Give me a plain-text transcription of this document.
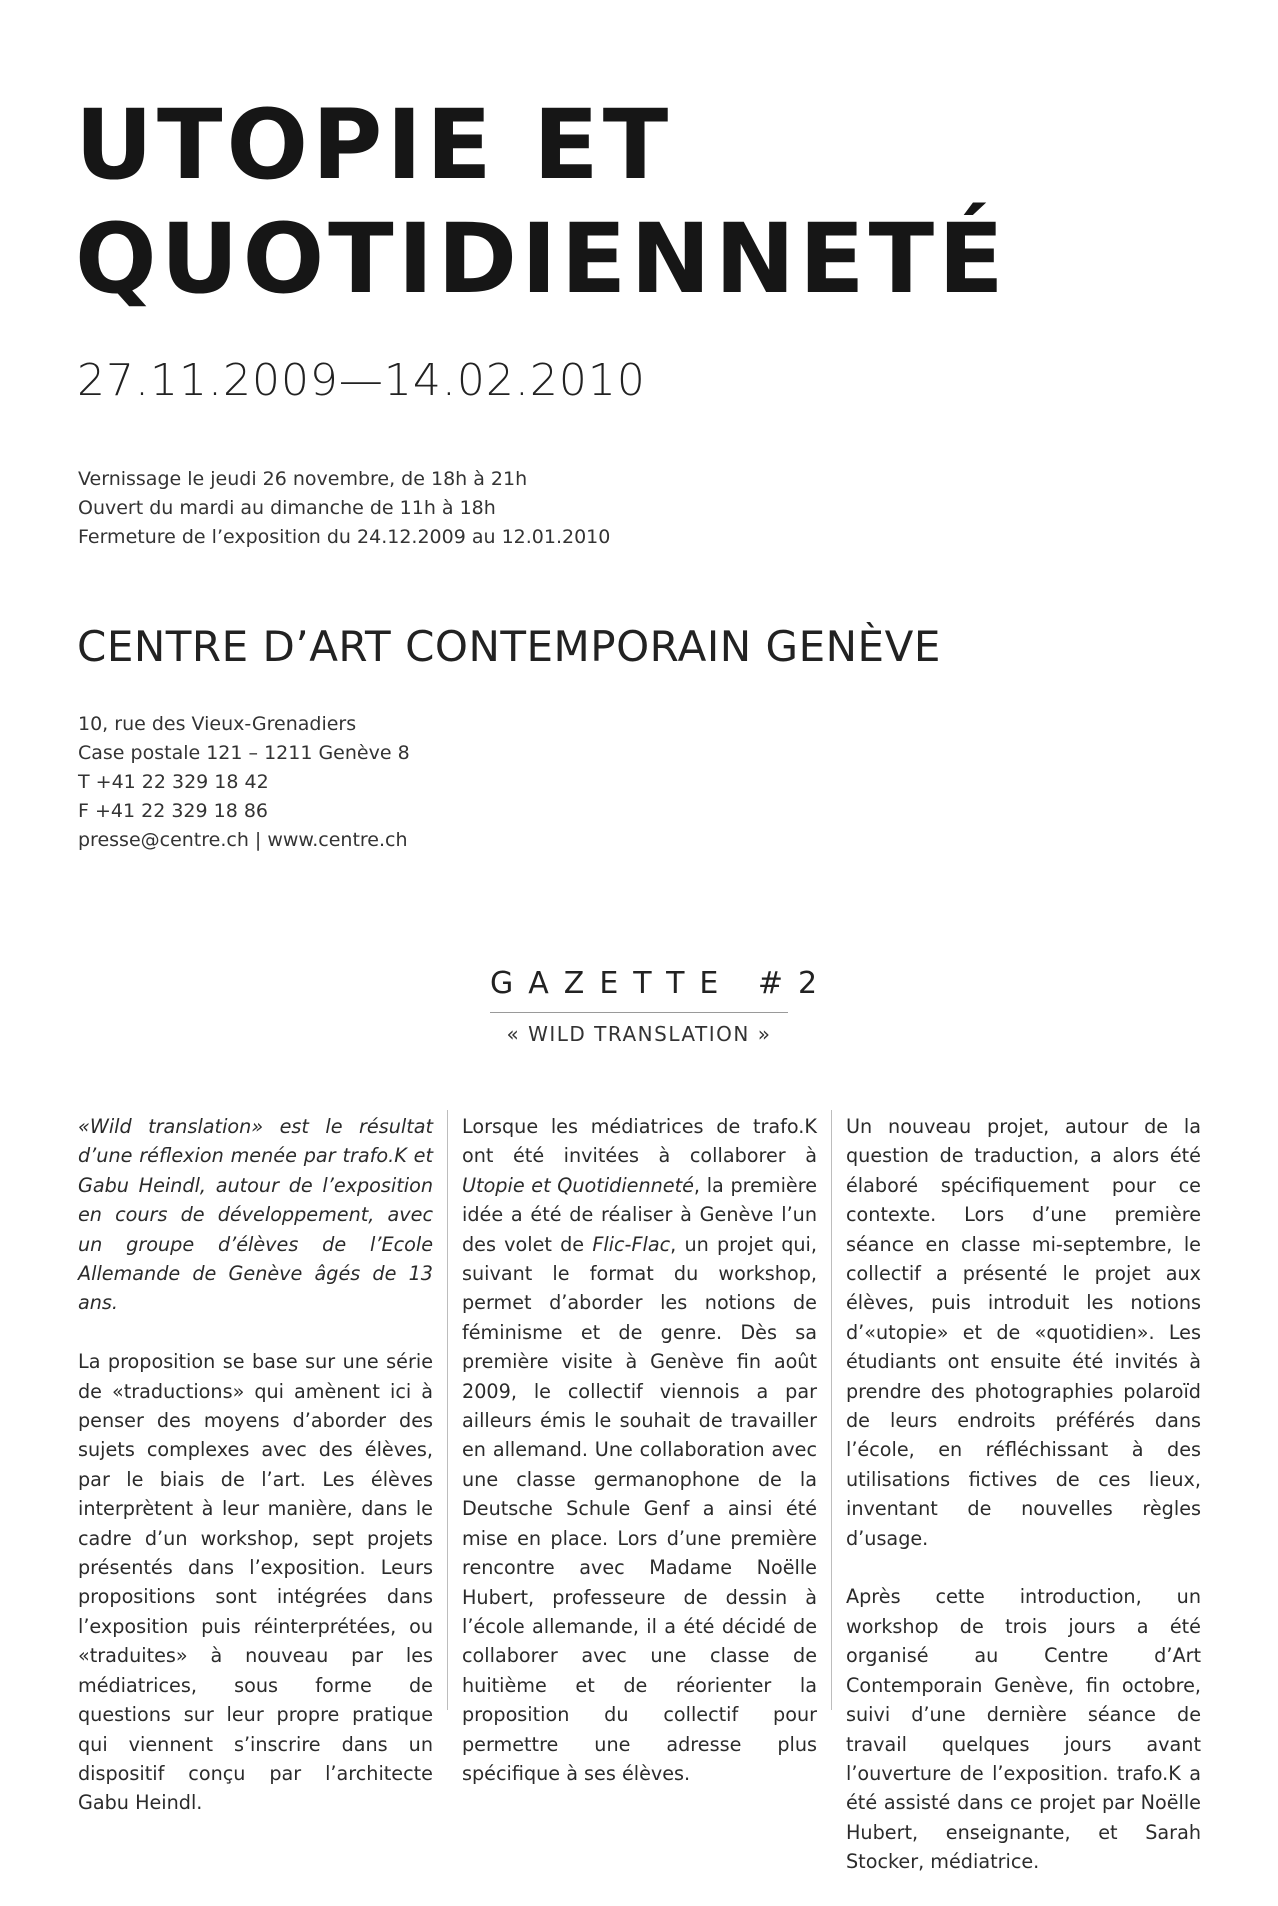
UTOPIE ET
QUOTIDIENNETÉ
27.11.2009—14.02.2010
Vernissage le jeudi 26 novembre, de 18h à 21h
Ouvert du mardi au dimanche de 11h à 18h
Fermeture de l’exposition du 24.12.2009 au 12.01.2010
CENTRE D’ART CONTEMPORAIN GENÈVE
10, rue des Vieux-Grenadiers
Case postale 121 – 1211 Genève 8
T +41 22 329 18 42
F +41 22 329 18 86
presse@centre.ch | www.centre.ch
GAZETTE #2
« WILD TRANSLATION »

«Wild translation» est le résultat d’une réflexion menée par trafo.K et Gabu Heindl, autour de l’exposition en cours de développement, avec un groupe d’élèves de l’Ecole Allemande de Genève âgés de 13 ans.

La proposition se base sur une série de «traductions» qui amènent ici à penser des moyens d’aborder des sujets complexes avec des élèves, par le biais de l’art. Les élèves interprètent à leur manière, dans le cadre d’un workshop, sept projets présentés dans l’exposition. Leurs propositions sont intégrées dans l’exposition puis réinterprétées, ou «traduites» à nouveau par les médiatrices, sous forme de questions sur leur propre pratique qui viennent s’inscrire dans un dispositif conçu par l’architecte Gabu Heindl.

Lorsque les médiatrices de trafo.K ont été invitées à collaborer à Utopie et Quotidienneté, la première idée a été de réaliser à Genève l’un des volet de Flic-Flac, un projet qui, suivant le format du workshop, permet d’aborder les notions de féminisme et de genre. Dès sa première visite à Genève fin août 2009, le collectif viennois a par ailleurs émis le souhait de travailler en allemand. Une collaboration avec une classe germanophone de la Deutsche Schule Genf a ainsi été mise en place. Lors d’une première rencontre avec Madame Noëlle Hubert, professeure de dessin à l’école allemande, il a été décidé de collaborer avec une classe de huitième et de réorienter la proposition du collectif pour permettre une adresse plus spécifique à ses élèves.

Un nouveau projet, autour de la question de traduction, a alors été élaboré spécifiquement pour ce contexte. Lors d’une première séance en classe mi-septembre, le collectif a présenté le projet aux élèves, puis introduit les notions d’«utopie» et de «quotidien». Les étudiants ont ensuite été invités à prendre des photographies polaroïd de leurs endroits préférés dans l’école, en réfléchissant à des utilisations fictives de ces lieux, inventant de nouvelles règles d’usage.

Après cette introduction, un workshop de trois jours a été organisé au Centre d’Art Contemporain Genève, fin octobre, suivi d’une dernière séance de travail quelques jours avant l’ouverture de l’exposition. trafo.K a été assisté dans ce projet par Noëlle Hubert, enseignante, et Sarah Stocker, médiatrice.
